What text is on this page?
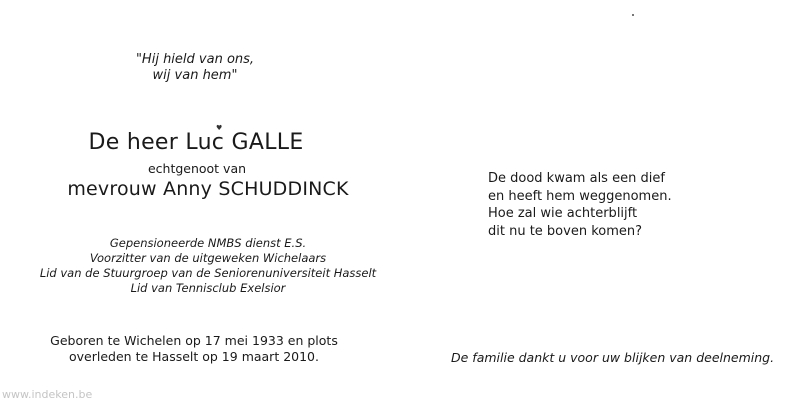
"Hij hield van ons,
wij van hem"
♥
De heer Luc GALLE
echtgenoot van
mevrouw Anny SCHUDDINCK
Gepensioneerde NMBS dienst E.S.
Voorzitter van de uitgeweken Wichelaars
Lid van de Stuurgroep van de Seniorenuniversiteit Hasselt
Lid van Tennisclub Exelsior
Geboren te Wichelen op 17 mei 1933 en plots
overleden te Hasselt op 19 maart 2010.
De dood kwam als een dief
en heeft hem weggenomen.
Hoe zal wie achterblijft
dit nu te boven komen?
De familie dankt u voor uw blijken van deelneming.
www.indeken.be
